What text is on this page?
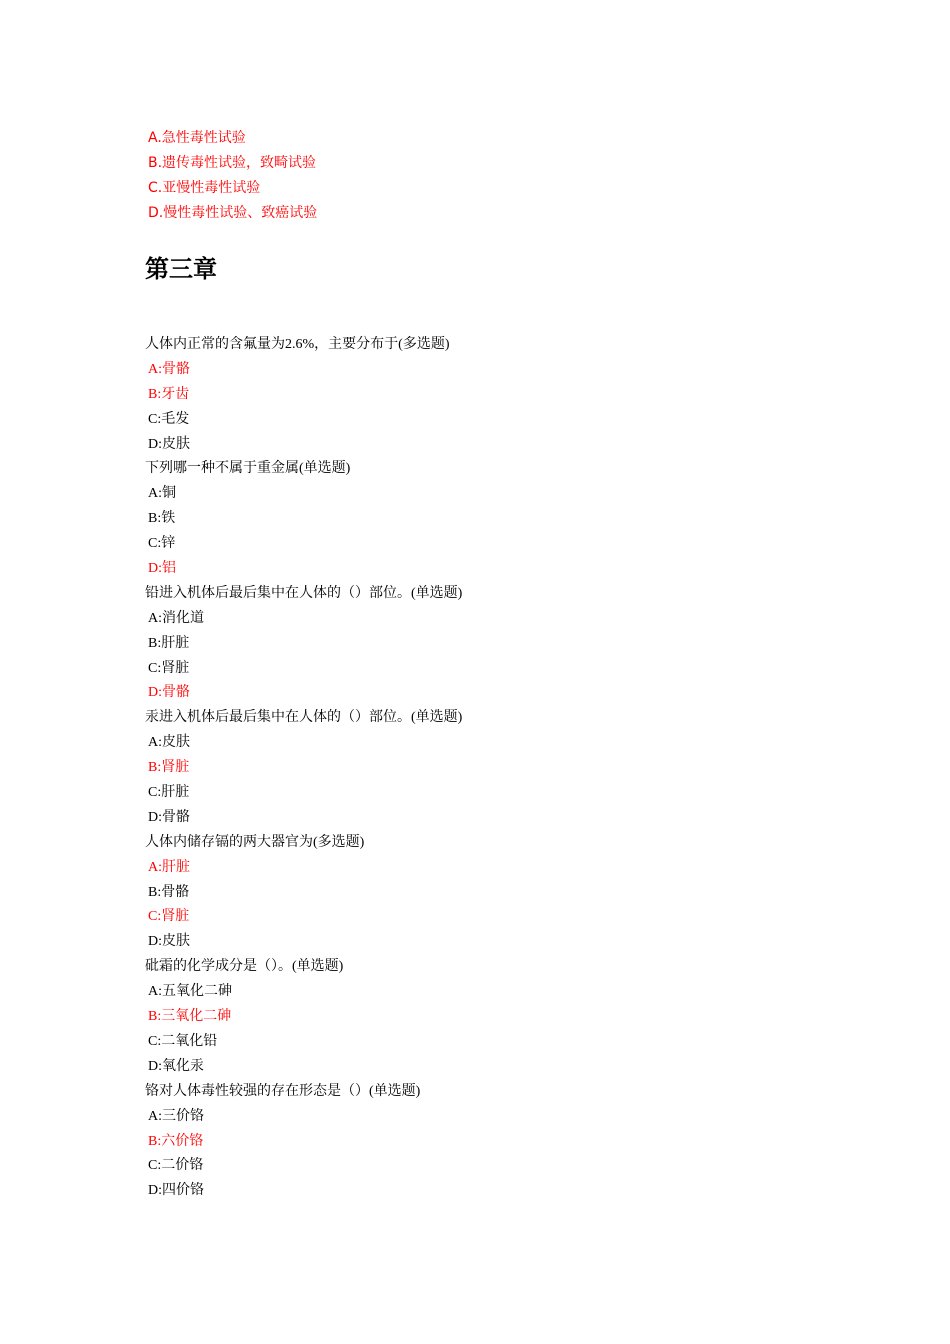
A.急性毒性试验
B.遗传毒性试验，致畸试验
C.亚慢性毒性试验
D.慢性毒性试验、致癌试验
第三章
人体内正常的含氟量为2.6%，主要分布于(多选题)
A:骨骼
B:牙齿
C:毛发
D:皮肤
下列哪一种不属于重金属(单选题)
A:铜
B:铁
C:锌
D:铝
铅进入机体后最后集中在人体的（）部位。(单选题)
A:消化道
B:肝脏
C:肾脏
D:骨骼
汞进入机体后最后集中在人体的（）部位。(单选题)
A:皮肤
B:肾脏
C:肝脏
D:骨骼
人体内储存镉的两大器官为(多选题)
A:肝脏
B:骨骼
C:肾脏
D:皮肤
砒霜的化学成分是（）。(单选题)
A:五氧化二砷
B:三氧化二砷
C:二氧化铅
D:氧化汞
铬对人体毒性较强的存在形态是（）(单选题)
A:三价铬
B:六价铬
C:二价铬
D:四价铬
